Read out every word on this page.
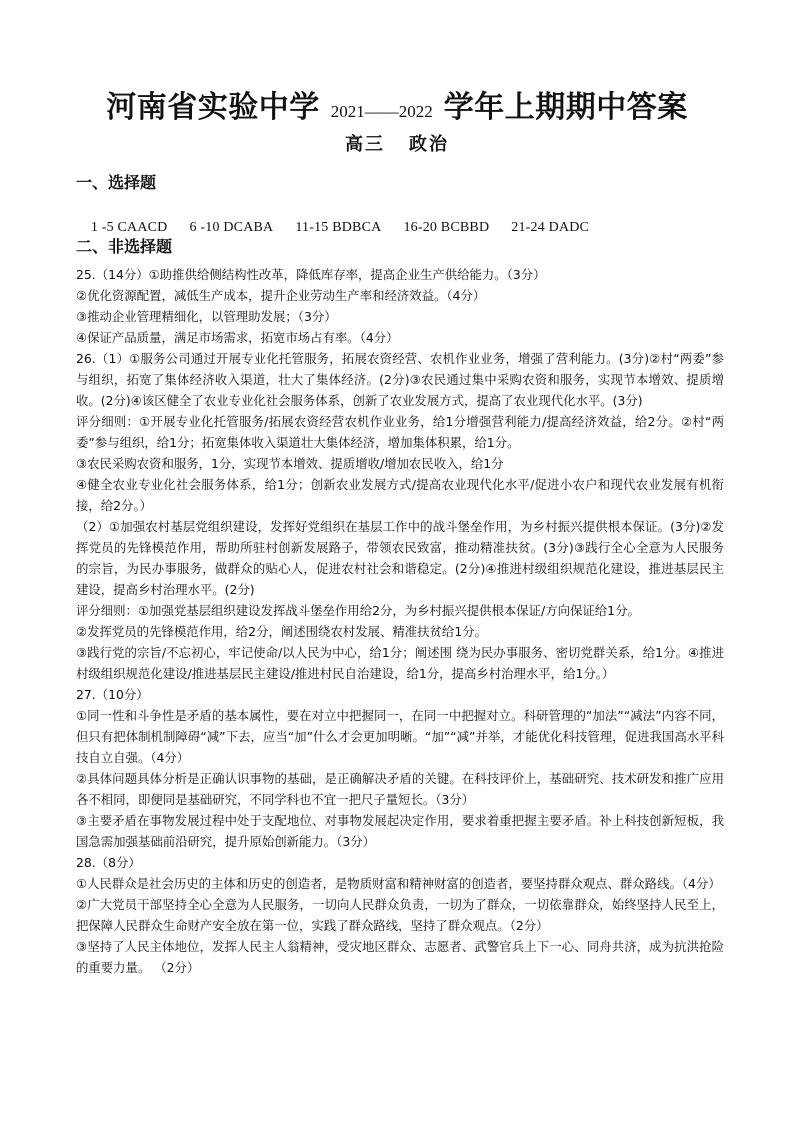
河南省实验中学 2021——2022 学年上期期中答案
高三 政治
一、选择题

1 -5 CAACD 6 -10 DCABA 11-15 BDBCA 16-20 BCBBD 21-24 DADC

二、非选择题

25.（14分）①助推供给侧结构性改革，降低库存率，提高企业生产供给能力。（3分）

②优化资源配置，减低生产成本，提升企业劳动生产率和经济效益。（4分）

③推动企业管理精细化，以管理助发展；（3分）

④保证产品质量，满足市场需求，拓宽市场占有率。（4分）

26.（1）①服务公司通过开展专业化托管服务，拓展农资经营、农机作业业务，增强了营利能力。(3分)②村“两委”参与组织，拓宽了集体经济收入渠道，壮大了集体经济。(2分)③农民通过集中采购农资和服务，实现节本增效、提质增收。(2分)④该区健全了农业专业化社会服务体系，创新了农业发展方式，提高了农业现代化水平。(3分)

评分细则：①开展专业化托管服务/拓展农资经营农机作业业务，给1分增强营利能力/提高经济效益，给2分。②村“两委”参与组织，给1分；拓宽集体收入渠道壮大集体经济，增加集体积累，给1分。

③农民采购农资和服务，1分，实现节本增效、提质增收/增加农民收入，给1分

④健全农业专业化社会服务体系，给1分；创新农业发展方式/提高农业现代化水平/促进小农户和现代农业发展有机衔接，给2分。）

（2）①加强农村基层党组织建设，发挥好党组织在基层工作中的战斗堡垒作用，为乡村振兴提供根本保证。(3分)②发挥党员的先锋模范作用，帮助所驻村创新发展路子，带领农民致富，推动精准扶贫。(3分)③践行全心全意为人民服务的宗旨，为民办事服务，做群众的贴心人，促进农村社会和谐稳定。(2分)④推进村级组织规范化建设，推进基层民主建设，提高乡村治理水平。(2分)

评分细则：①加强党基层组织建设发挥战斗堡垒作用给2分，为乡村振兴提供根本保证/方向保证给1分。

②发挥党员的先锋模范作用，给2分，阐述围绕农村发展、精准扶贫给1分。

③践行党的宗旨/不忘初心，牢记使命/以人民为中心，给1分；阐述围 绕为民办事服务、密切党群关系，给1分。④推进村级组织规范化建设/推进基层民主建设/推进村民自治建设，给1分，提高乡村治理水平，给1分。）

27.（10分）

①同一性和斗争性是矛盾的基本属性，要在对立中把握同一，在同一中把握对立。科研管理的“加法”“减法”内容不同，但只有把体制机制障碍“减”下去，应当“加”什么才会更加明晰。“加”“减”并举，才能优化科技管理，促进我国高水平科技自立自强。（4分）

②具体问题具体分析是正确认识事物的基础，是正确解决矛盾的关键。在科技评价上，基础研究、技术研发和推广应用各不相同，即便同是基础研究，不同学科也不宜一把尺子量短长。（3分）

③主要矛盾在事物发展过程中处于支配地位、对事物发展起决定作用，要求着重把握主要矛盾。补上科技创新短板，我国急需加强基础前沿研究，提升原始创新能力。（3分）

28.（8分）

①人民群众是社会历史的主体和历史的创造者，是物质财富和精神财富的创造者，要坚持群众观点、群众路线。（4分）

②广大党员干部坚持全心全意为人民服务，一切向人民群众负责，一切为了群众，一切依靠群众，始终坚持人民至上，把保障人民群众生命财产安全放在第一位，实践了群众路线，坚持了群众观点。（2分）

③坚持了人民主体地位，发挥人民主人翁精神，受灾地区群众、志愿者、武警官兵上下一心、同舟共济，成为抗洪抢险的重要力量。 （2分）
